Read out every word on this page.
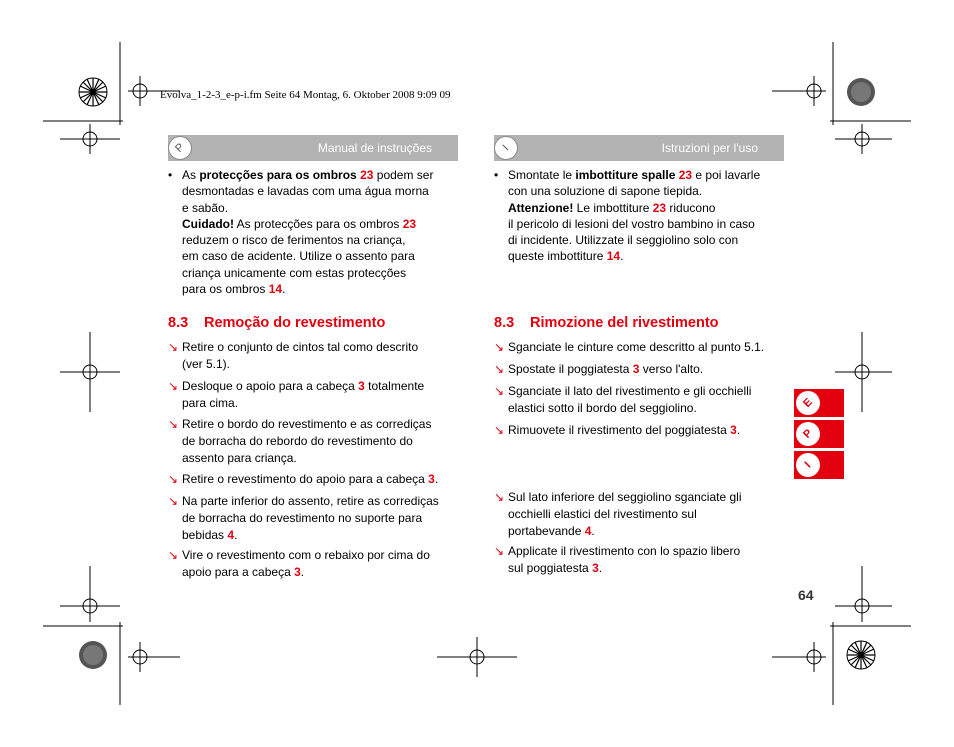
Evolva_1-2-3_e-p-i.fm Seite 64 Montag, 6. Oktober 2008 9:09 09
P	Manual de instruções
• As protecções para os ombros 23 podem ser
desmontadas e lavadas com uma água morna
e sabão.
Cuidado! As protecções para os ombros 23
reduzem o risco de ferimentos na criança,
em caso de acidente. Utilize o assento para
criança unicamente com estas protecções
para os ombros 14.
8.3 Remoção do revestimento
↘ Retire o conjunto de cintos tal como descrito
(ver 5.1).
↘ Desloque o apoio para a cabeça 3 totalmente
para cima.
↘ Retire o bordo do revestimento e as corrediças
de borracha do rebordo do revestimento do
assento para criança.
↘ Retire o revestimento do apoio para a cabeça 3.
↘ Na parte inferior do assento, retire as corrediças
de borracha do revestimento no suporte para
bebidas 4.
↘ Vire o revestimento com o rebaixo por cima do
apoio para a cabeça 3.
I	Istruzioni per l'uso
• Smontate le imbottiture spalle 23 e poi lavarle
con una soluzione di sapone tiepida.
Attenzione! Le imbottiture 23 riducono
il pericolo di lesioni del vostro bambino in caso
di incidente. Utilizzate il seggiolino solo con
queste imbottiture 14.
8.3 Rimozione del rivestimento
↘ Sganciate le cinture come descritto al punto 5.1.
↘ Spostate il poggiatesta 3 verso l'alto.
↘ Sganciate il lato del rivestimento e gli occhielli
elastici sotto il bordo del seggiolino.
↘ Rimuovete il rivestimento del poggiatesta 3.
↘ Sul lato inferiore del seggiolino sganciate gli
occhielli elastici del rivestimento sul
portabevande 4.
↘ Applicate il rivestimento con lo spazio libero
sul poggiatesta 3.
E
P
I
64
